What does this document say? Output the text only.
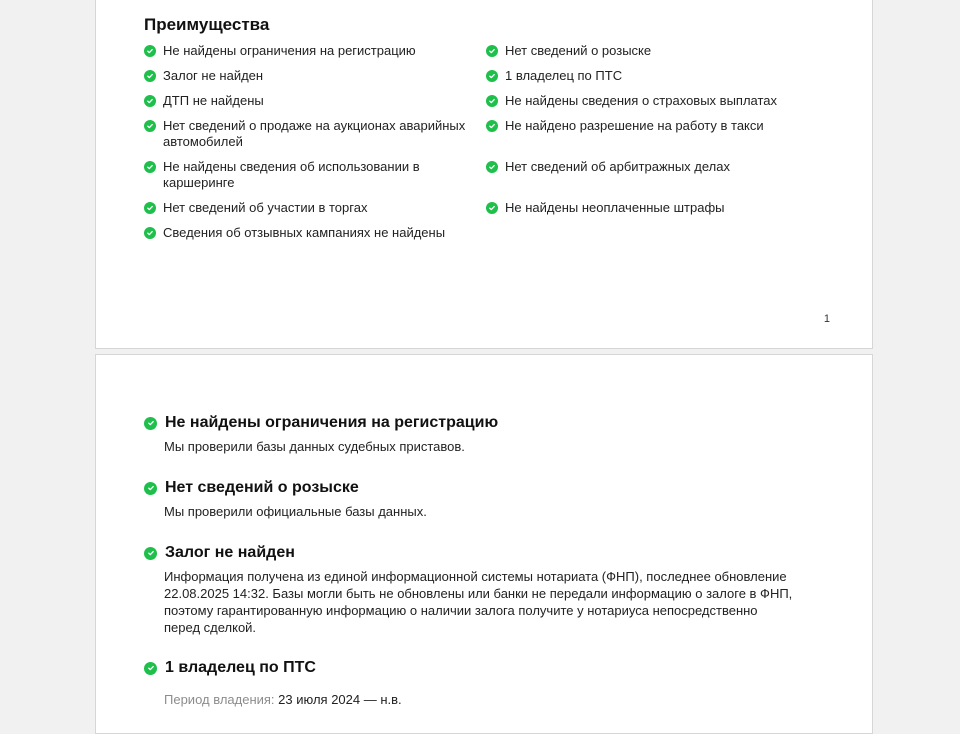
Преимущества
Не найдены ограничения на регистрацию
Залог не найден
ДТП не найдены
Нет сведений о продаже на аукционах аварийных автомобилей
Не найдены сведения об использовании в каршеринге
Нет сведений об участии в торгах
Сведения об отзывных кампаниях не найдены
Нет сведений о розыске
1 владелец по ПТС
Не найдены сведения о страховых выплатах
Не найдено разрешение на работу в такси
Нет сведений об арбитражных делах
Не найдены неоплаченные штрафы
1
Не найдены ограничения на регистрацию
Мы проверили базы данных судебных приставов.
Нет сведений о розыске
Мы проверили официальные базы данных.
Залог не найден
Информация получена из единой информационной системы нотариата (ФНП), последнее обновление 22.08.2025 14:32. Базы могли быть не обновлены или банки не передали информацию о залоге в ФНП, поэтому гарантированную информацию о наличии залога получите у нотариуса непосредственно перед сделкой.
1 владелец по ПТС
Период владения: 23 июля 2024 — н.в.
